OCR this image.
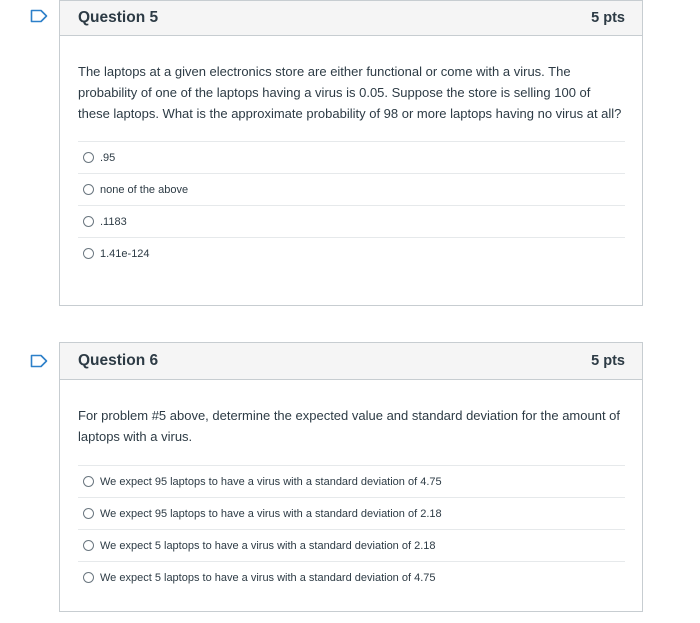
Question 5	5 pts

The laptops at a given electronics store are either functional or come with a virus. The probability of one of the laptops having a virus is 0.05. Suppose the store is selling 100 of these laptops. What is the approximate probability of 98 or more laptops having no virus at all?

.95
none of the above
.1183
1.41e-124
Question 6	5 pts

For problem #5 above, determine the expected value and standard deviation for the amount of laptops with a virus.

We expect 95 laptops to have a virus with a standard deviation of 4.75
We expect 95 laptops to have a virus with a standard deviation of 2.18
We expect 5 laptops to have a virus with a standard deviation of 2.18
We expect 5 laptops to have a virus with a standard deviation of 4.75
